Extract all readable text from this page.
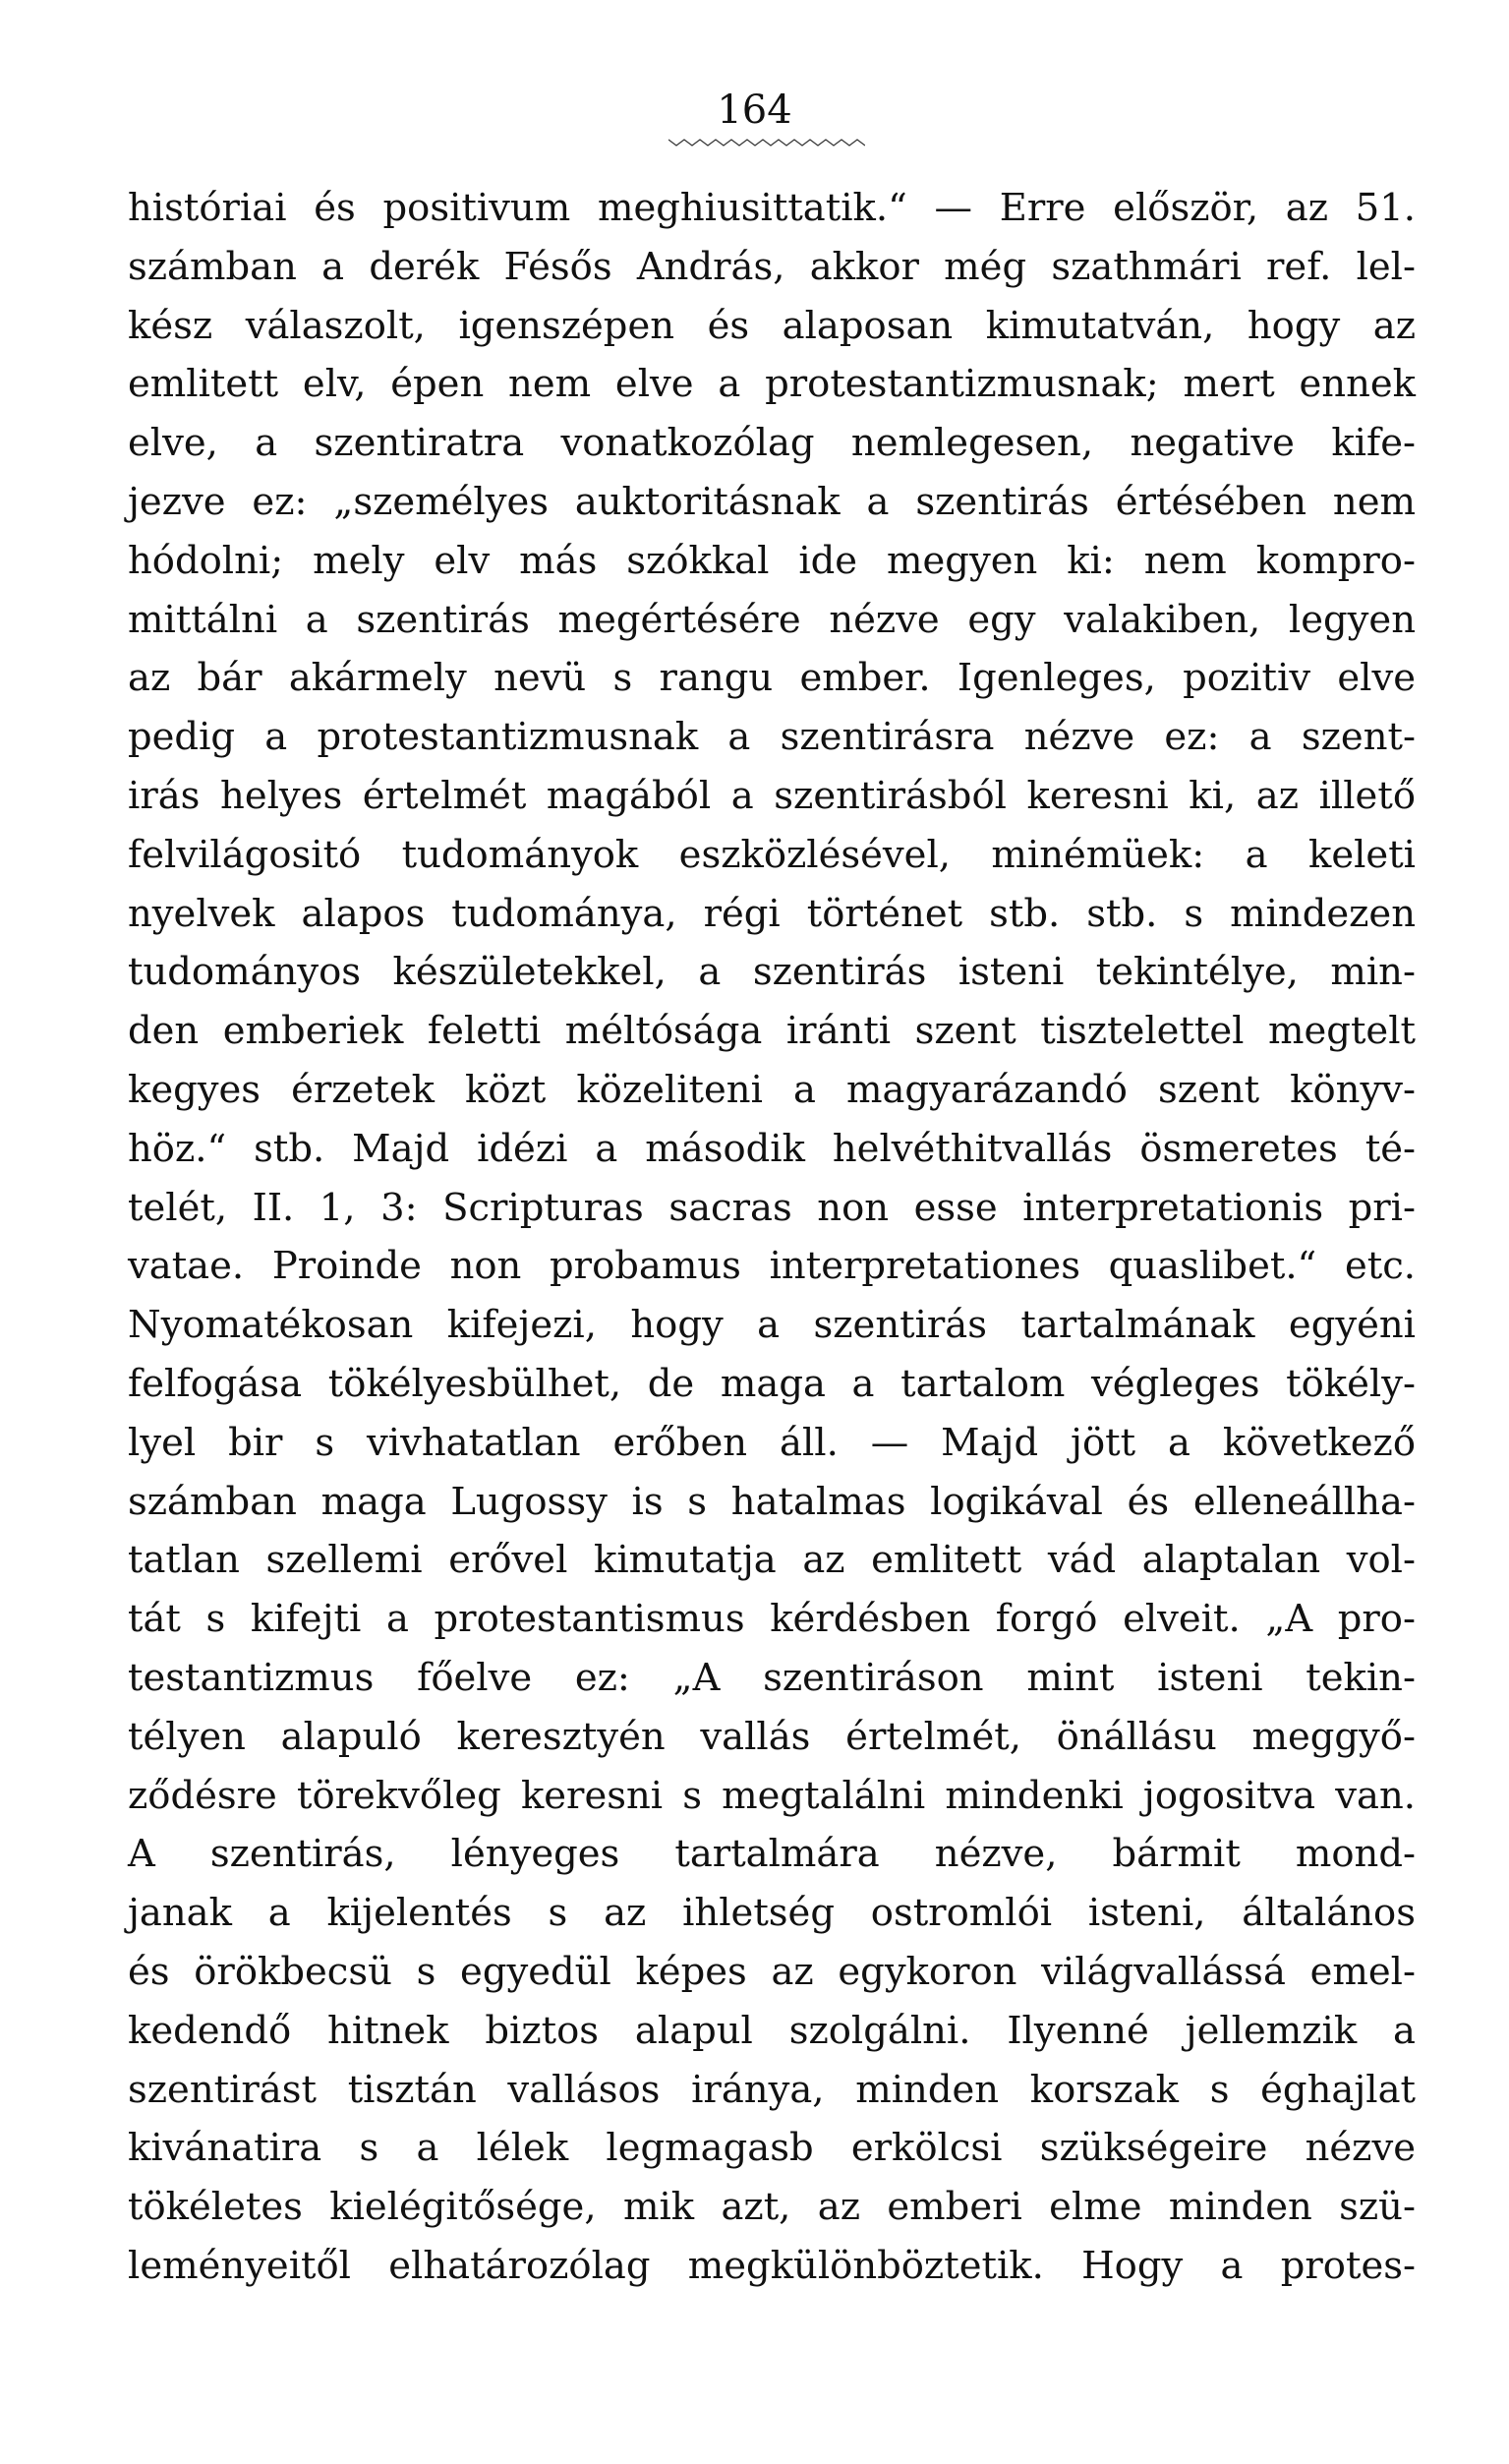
164
históriai és positivum meghiusittatik.“ — Erre először, az 51.
számban a derék Fésős András, akkor még szathmári ref. lel-
kész válaszolt, igenszépen és alaposan kimutatván, hogy az
emlitett elv, épen nem elve a protestantizmusnak; mert ennek
elve, a szentiratra vonatkozólag nemlegesen, negative kife-
jezve ez: „személyes auktoritásnak a szentirás értésében nem
hódolni; mely elv más szókkal ide megyen ki: nem kompro-
mittálni a szentirás megértésére nézve egy valakiben, legyen
az bár akármely nevü s rangu ember. Igenleges, pozitiv elve
pedig a protestantizmusnak a szentirásra nézve ez: a szent-
irás helyes értelmét magából a szentirásból keresni ki, az illető
felvilágositó tudományok eszközlésével, minémüek: a keleti
nyelvek alapos tudománya, régi történet stb. stb. s mindezen
tudományos készületekkel, a szentirás isteni tekintélye, min-
den emberiek feletti méltósága iránti szent tisztelettel megtelt
kegyes érzetek közt közeliteni a magyarázandó szent könyv-
höz.“ stb. Majd idézi a második helvéthitvallás ösmeretes té-
telét, II. 1, 3: Scripturas sacras non esse interpretationis pri-
vatae. Proinde non probamus interpretationes quaslibet.“ etc.
Nyomatékosan kifejezi, hogy a szentirás tartalmának egyéni
felfogása tökélyesbülhet, de maga a tartalom végleges tökély-
lyel bir s vivhatatlan erőben áll. — Majd jött a következő
számban maga Lugossy is s hatalmas logikával és elleneállha-
tatlan szellemi erővel kimutatja az emlitett vád alaptalan vol-
tát s kifejti a protestantismus kérdésben forgó elveit. „A pro-
testantizmus főelve ez: „A szentiráson mint isteni tekin-
télyen alapuló keresztyén vallás értelmét, önállásu meggyő-
ződésre törekvőleg keresni s megtalálni mindenki jogositva van.
A szentirás, lényeges tartalmára nézve, bármit mond-
janak a kijelentés s az ihletség ostromlói isteni, általános
és örökbecsü s egyedül képes az egykoron világvallássá emel-
kedendő hitnek biztos alapul szolgálni. Ilyenné jellemzik a
szentirást tisztán vallásos iránya, minden korszak s éghajlat
kivánatira s a lélek legmagasb erkölcsi szükségeire nézve
tökéletes kielégitősége, mik azt, az emberi elme minden szü-
leményeitől elhatározólag megkülönböztetik. Hogy a protes-
